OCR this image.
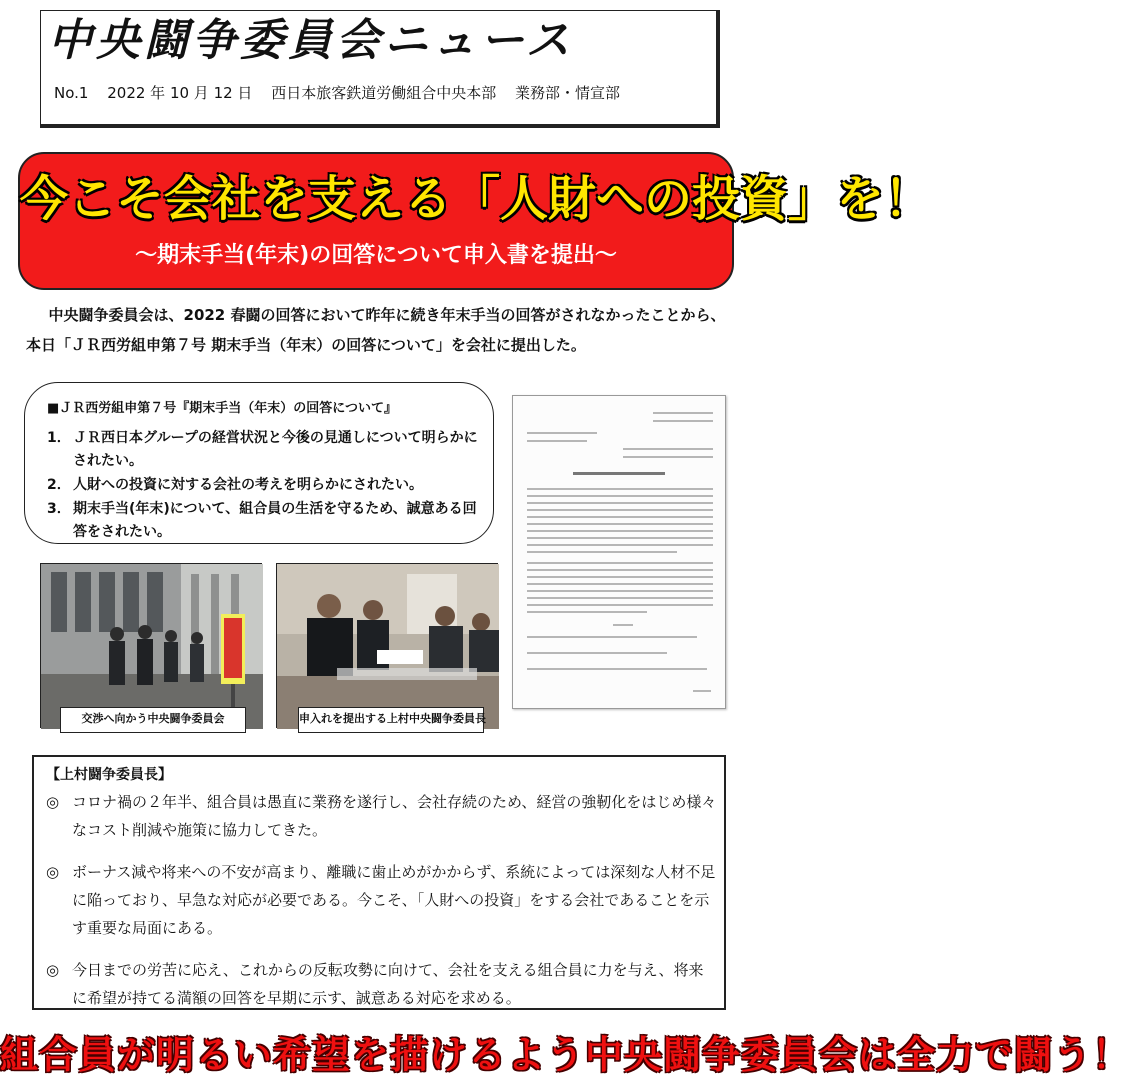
中央闘争委員会ニュース
No.1 2022 年 10 月 12 日 西日本旅客鉄道労働組合中央本部 業務部・情宣部
今こそ会社を支える「人財への投資」を！
～期末手当(年末)の回答について申入書を提出～
中央闘争委員会は、2022 春闘の回答において昨年に続き年末手当の回答がされなかったことから、本日「ＪＲ西労組申第７号 期末手当（年末）の回答について」を会社に提出した。
■ＪＲ西労組申第７号『期末手当（年末）の回答について』
1． ＪＲ西日本グループの経営状況と今後の見通しについて明らかにされたい。
2． 人財への投資に対する会社の考えを明らかにされたい。
3． 期末手当(年末)について、組合員の生活を守るため、誠意ある回答をされたい。
交渉へ向かう中央闘争委員会	申入れを提出する上村中央闘争委員長
【上村闘争委員長】
◎ コロナ禍の２年半、組合員は愚直に業務を遂行し、会社存続のため、経営の強靭化をはじめ様々なコスト削減や施策に協力してきた。
◎ ボーナス減や将来への不安が高まり、離職に歯止めがかからず、系統によっては深刻な人材不足に陥っており、早急な対応が必要である。今こそ、「人財への投資」をする会社であることを示す重要な局面にある。
◎ 今日までの労苦に応え、これからの反転攻勢に向けて、会社を支える組合員に力を与え、将来に希望が持てる満額の回答を早期に示す、誠意ある対応を求める。
組合員が明るい希望を描けるよう中央闘争委員会は全力で闘う！
